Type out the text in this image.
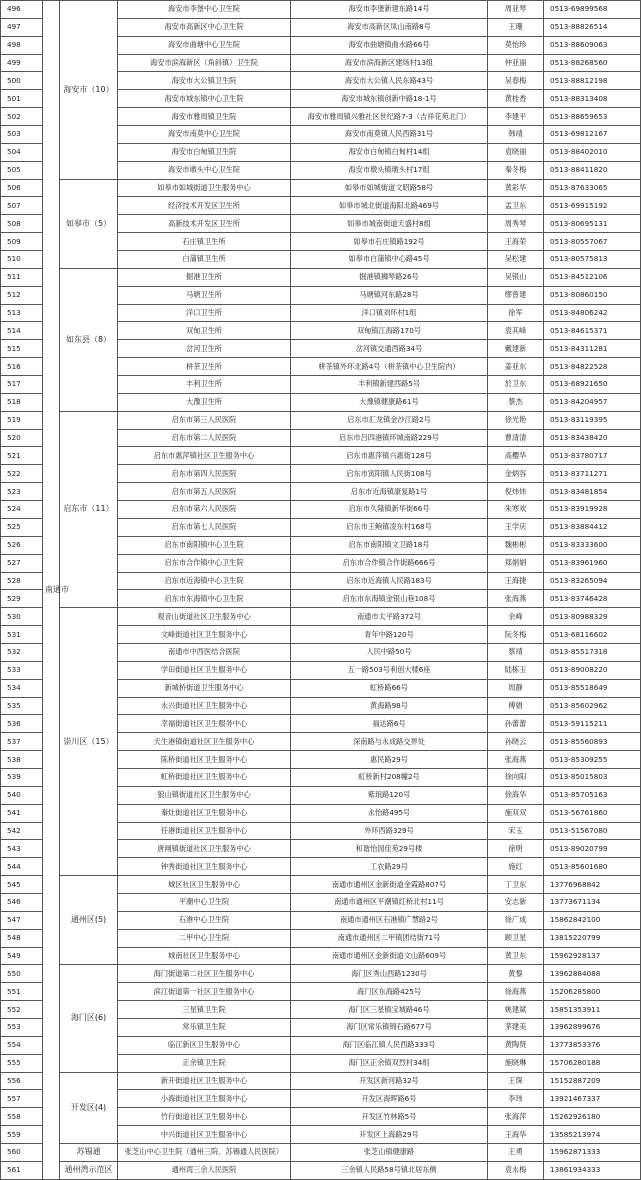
496	南通市	海安市（10）	海安市李堡中心卫生院	海安市李堡新建东路14号	周亚琴	0513-69899568
497			海安市高新区中心卫生院	海安市高新区凤山南路8号	王珊	0513-88826514
498			海安市曲塘中心卫生院	海安市曲塘镇曲水路66号	莫怡珍	0513-88609063
499			海安市滨海新区（角斜镇）卫生院	海安市滨海新区建场村13组	仲亚丽	0513-88268560
500			海安市大公镇卫生院	海安市大公镇人民东路43号	吴春梅	0513-88812198
501			海安市城东镇中心卫生院	海安市城东镇创新中路18-1号	黄桂香	0513-88313408
502			海安市雅周镇卫生院	海安市雅周镇兴雅社区世纪路7-3（吉祥花苑北门）	李建平	0513-88659653
503			海安市南莫中心卫生院	海安市南莫镇人民西路31号	韩靖	0513-69812167
504			海安市白甸镇卫生院	海安市白甸镇白甸村14组	袁晓丽	0513-88402010
505			海安市墩头中心卫生院	海安市墩头镇墩头村17组	秦冬梅	0513-88411820
506		如皋市（5）	如皋市如城街道卫生服务中心	如皋市如城街道文昭路58号	黄彩华	0513-87633065
507			经济技术开发区卫生所	如皋市城北街道海阳北路469号	孟卫东	0513-69915192
508			高新技术开发区卫生所	如皋市城南街道天盛村8组	周秀琴	0513-80695131
509			石庄镇卫生所	如皋市石庄镇路192号	王海荣	0513-80557067
510			白蒲镇卫生所	如皋市白蒲镇中心路45号	吴松建	0513-80575813
511		如东县（8）	掘港卫生所	掘港镇狮琴路26号	吴银山	0513-84512106
512			马塘卫生所	马塘镇河东路28号	缪曾建	0513-80860150
513			洋口卫生所	洋口镇刘环村1组	徐军	0513-84806242
514			双甸卫生所	双甸镇江海路170号	袁其峰	0513-84615371
515			岔河卫生所	岔河镇交通西路34号	戴建新	0513-84311281
516			栟茶卫生所	栟茶镇外环北路4号（栟茶镇中心卫生院内）	姜亚东	0513-84822528
517			丰利卫生所	丰利镇新建西路5号	於卫东	0513-68921650
518			大豫卫生所	大豫镇健康路61号	蔡杰	0513-84204957
519		启东市（11）	启东市第三人民医院	启东市汇龙镇金沙江路2号	徐光艳	0513-83119395
520			启东市第二人民医院	启东市吕四港镇环城南路229号	曹清清	0513-83438420
521			启东市惠萍镇社区卫生服务中心	启东市惠萍镇兴惠街128号	高樱华	0513-83780717
522			启东市第四人民医院	启东市寅阳镇人民街108号	金炳容	0513-83711271
523			启东市第五人民医院	启东市近海镇康复路1号	倪炜炜	0513-83481854
524			启东市第六人民医院	启东市久隆镇新华街66号	朱寒欢	0513-83919928
525			启东市第七人民医院	启东市王鲍镇凌东村168号	王学庆	0513-83884412
526			启东市南阳镇中心卫生院	启东市南阳镇文卫路18号	魏彬彬	0513-83333600
527			启东市合作镇中心卫生院	启东市合作镇合作街路666号	郑娟娟	0513-83961960
528			启东市近海镇中心卫生院	启东市近海镇人民路183号	王海捷	0513-83265094
529			启东市东海镇中心卫生院	启东市东海镇金银山巷108号	张海燕	0513-83746428
530		崇川区（15）	观音山街道社区卫生服务中心	南通市太平路372号	余峰	0513-80988329
531			文峰街道社区卫生服务中心	青年中路120号	阮冬梅	0513-68116602
532			南通市中西医结合医院	人民中路50号	蔡靖	0513-85517318
533			学田街道社区卫生服务中心	五一路503号利创大楼6座	陆栋玉	0513-89008220
534			新城桥街道卫生服务中心	虹桥路66号	周静	0513-85518649
535			永兴街道社区卫生服务中心	黄海路98号	傅娟	0513-85602962
536			幸福街道社区卫生服务中心	福达路6号	孙蕾蕾	0513-59115211
537			天生港镇街道社区卫生服务中心	深南路与永成路交界处	孙晓云	0513-85560893
538			陈桥街道社区卫生服务中心	惠民路29号	张海燕	0513-85309255
539			虹桥街道社区卫生服务中心	虹桥新村208幢2号	徐向阳	0513-85015803
540			狼山镇街道社区卫生服务中心	紫琅路120号	徐海华	0513-85705163
541			秦灶街道社区卫生服务中心	永怡路495号	施双双	0513-56761860
542			任港街道社区卫生服务中心	外环西路329号	宋玉	0513-51567080
543			唐闸镇街道社区卫生服务中心	和谐怡园佳苑29号楼	徐明	0513-89020799
544			钟秀街道社区卫生服务中心	工农路29号	施红	0513-85601680
545		通州区(5)	城区社区卫生服务中心	南通市通州区金新街道金霞路807号	丁卫东	13776968842
546			平潮中心卫生院	南通市通州区平潮镇红桥北村11号	安志新	13773671134
547			石港中心卫生院	南通市通州区石港镇广慧路2号	徐广成	15862842100
548			二甲中心卫生院	南通市通州区二甲镇团结街71号	顾卫星	13815220799
549			城南社区卫生服务中心	南通市通州区金新街道文山路609号	黄卫东	15962928137
550		海门区(6)	海门街道第二社区卫生服务中心	海门区秀山西路1230号	黄黎	13962884088
551			滨江街道第一社区卫生服务中心	海门区东海路425号	徐海燕	15206285800
552			三星镇卫生院	海门区三星镇宝城路46号	姚建斌	15851353911
553			常乐镇卫生院	海门区常乐镇锦石路677号	茅建美	13962899676
554			临江新区卫生服务中心	海门区临江镇人民西路333号	黄陶贤	13773853376
555			正余镇卫生院	海门区正余镇双烈村34组	施晓琳	15706280188
556		开发区(4)	新开街道社区卫生服务中心	开发区新河路32号	王琛	15152887209
557			小海街道社区卫生服务中心	开发区海晖路6号	李玮	13921467337
558			竹行街道社区卫生服务中心	开发区竹林路5号	张海萍	15262926180
559			中兴街道社区卫生服务中心	开发区上海路29号	王海华	13585213974
560		苏锡通	张芝山中心卫生院（通州三院、苏锡通人民医院）	张芝山镇健康路	王勇	15962871333
561		通州湾示范区	通州湾三余人民医院	三余镇人民路58号镇北居东侧	袁永梅	13861934333
